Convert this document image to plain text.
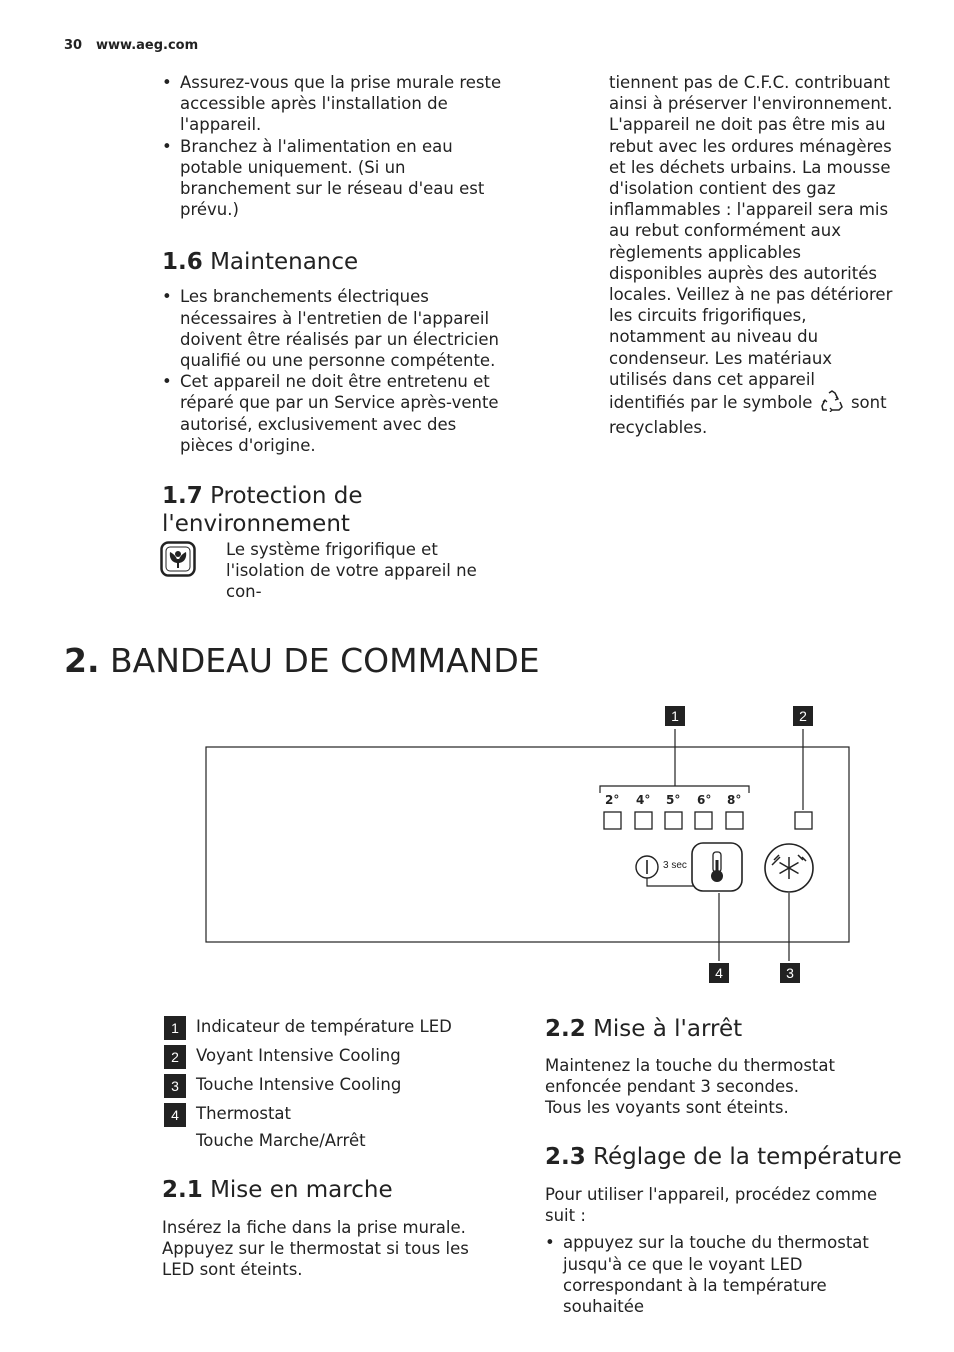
30 www.aeg.com

• Assurez-vous que la prise murale reste accessible après l'installation de l'appareil.

• Branchez à l'alimentation en eau potable uniquement. (Si un branchement sur le réseau d'eau est prévu.)

1.6 Maintenance

• Les branchements électriques nécessaires à l'entretien de l'appareil doivent être réalisés par un électricien qualifié ou une personne compétente.

• Cet appareil ne doit être entretenu et réparé que par un Service après-vente autorisé, exclusivement avec des pièces d'origine.

1.7 Protection de
l'environnement
Le système frigorifique et l'isolation de votre appareil ne con-
tiennent pas de C.F.C. contribuant ainsi à préserver l'environnement. L'appareil ne doit pas être mis au rebut avec les ordures ménagères et les déchets urbains. La mousse d'isolation contient des gaz inflammables : l'appareil sera mis au rebut conformément aux règlements applicables disponibles auprès des autorités locales. Veillez à ne pas détériorer les circuits frigorifiques, notamment au niveau du condenseur. Les matériaux utilisés dans cet appareil identifiés par le symbole sont recyclables.
2. BANDEAU DE COMMANDE
2° 4° 5° 6° 8°
3 sec
1	2
3
4
1	Indicateur de température LED
2	Voyant Intensive Cooling
3	Touche Intensive Cooling
4	Thermostat
Touche Marche/Arrêt
2.1 Mise en marche
Insérez la fiche dans la prise murale. Appuyez sur le thermostat si tous les LED sont éteints.
2.2 Mise à l'arrêt

Maintenez la touche du thermostat enfoncée pendant 3 secondes.

Tous les voyants sont éteints.

2.3 Réglage de la température

Pour utiliser l'appareil, procédez comme suit :

• appuyez sur la touche du thermostat jusqu'à ce que le voyant LED correspondant à la température souhaitée
